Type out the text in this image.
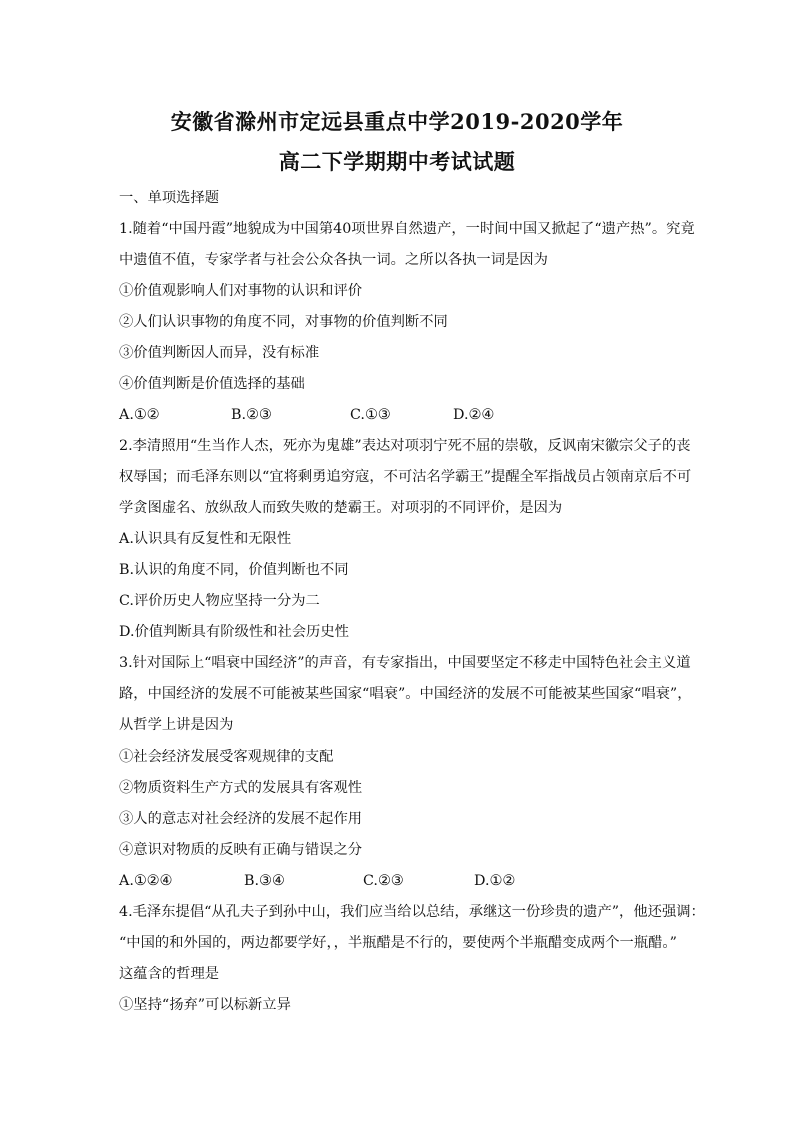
安徽省滁州市定远县重点中学2019-2020学年
高二下学期期中考试试题
一、单项选择题
1.随着“中国丹霞”地貌成为中国第40项世界自然遗产，一时间中国又掀起了“遗产热”。究竟
中遗值不值，专家学者与社会公众各执一词。之所以各执一词是因为
①价值观影响人们对事物的认识和评价
②人们认识事物的角度不同，对事物的价值判断不同
③价值判断因人而异，没有标准
④价值判断是价值选择的基础
A.①②	B.②③	C.①③	D.②④
2.李清照用“生当作人杰，死亦为鬼雄”表达对项羽宁死不屈的崇敬，反讽南宋徽宗父子的丧
权辱国；而毛泽东则以“宜将剩勇追穷寇，不可沽名学霸王”提醒全军指战员占领南京后不可
学贪图虚名、放纵敌人而致失败的楚霸王。对项羽的不同评价，是因为
A.认识具有反复性和无限性
B.认识的角度不同，价值判断也不同
C.评价历史人物应坚持一分为二
D.价值判断具有阶级性和社会历史性
3.针对国际上“唱衰中国经济”的声音，有专家指出，中国要坚定不移走中国特色社会主义道
路，中国经济的发展不可能被某些国家“唱衰”。中国经济的发展不可能被某些国家“唱衰”，
从哲学上讲是因为
①社会经济发展受客观规律的支配
②物质资料生产方式的发展具有客观性
③人的意志对社会经济的发展不起作用
④意识对物质的反映有正确与错误之分
A.①②④	B.③④	C.②③	D.①②
4.毛泽东提倡“从孔夫子到孙中山，我们应当给以总结，承继这一份珍贵的遗产”，他还强调：
“中国的和外国的，两边都要学好，，半瓶醋是不行的，要使两个半瓶醋变成两个一瓶醋。”
这蕴含的哲理是
①坚持“扬弃”可以标新立异
